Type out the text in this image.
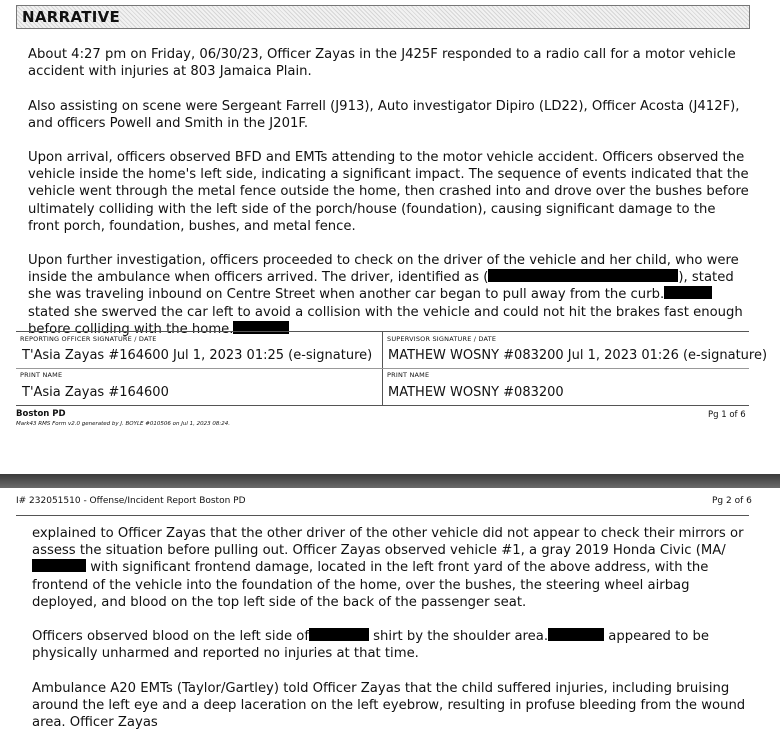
NARRATIVE

About 4:27 pm on Friday, 06/30/23, Officer Zayas in the J425F responded to a radio call for a motor vehicle accident with injuries at 803 Jamaica Plain.

Also assisting on scene were Sergeant Farrell (J913), Auto investigator Dipiro (LD22), Officer Acosta (J412F), and officers Powell and Smith in the J201F.

Upon arrival, officers observed BFD and EMTs attending to the motor vehicle accident. Officers observed the vehicle inside the home's left side, indicating a significant impact. The sequence of events indicated that the vehicle went through the metal fence outside the home, then crashed into and drove over the bushes before ultimately colliding with the left side of the porch/house (foundation), causing significant damage to the front porch, foundation, bushes, and metal fence.

Upon further investigation, officers proceeded to check on the driver of the vehicle and her child, who were inside the ambulance when officers arrived. The driver, identified as (	), stated she was traveling inbound on Centre Street when another car began to pull away from the curb. stated she swerved the car left to avoid a collision with the vehicle and could not hit the brakes fast enough before colliding with the home.

REPORTING OFFICER SIGNATURE / DATE
T'Asia Zayas #164600 Jul 1, 2023 01:25 (e-signature)
SUPERVISOR SIGNATURE / DATE
MATHEW WOSNY #083200 Jul 1, 2023 01:26 (e-signature)
PRINT NAME
T'Asia Zayas #164600
PRINT NAME
MATHEW WOSNY #083200
Boston PD
Mark43 RMS Form v2.0 generated by J. BOYLE #010506 on Jul 1, 2023 08:24.
Pg 1 of 6
I# 232051510 - Offense/Incident Report Boston PD	Pg 2 of 6

explained to Officer Zayas that the other driver of the other vehicle did not appear to check their mirrors or assess the situation before pulling out. Officer Zayas observed vehicle #1, a gray 2019 Honda Civic (MA/ with significant frontend damage, located in the left front yard of the above address, with the frontend of the vehicle into the foundation of the home, over the bushes, the steering wheel airbag deployed, and blood on the top left side of the back of the passenger seat.

Officers observed blood on the left side of	shirt by the shoulder area.	appeared to be physically unharmed and reported no injuries at that time.

Ambulance A20 EMTs (Taylor/Gartley) told Officer Zayas that the child suffered injuries, including bruising around the left eye and a deep laceration on the left eyebrow, resulting in profuse bleeding from the wound area. Officer Zayas
